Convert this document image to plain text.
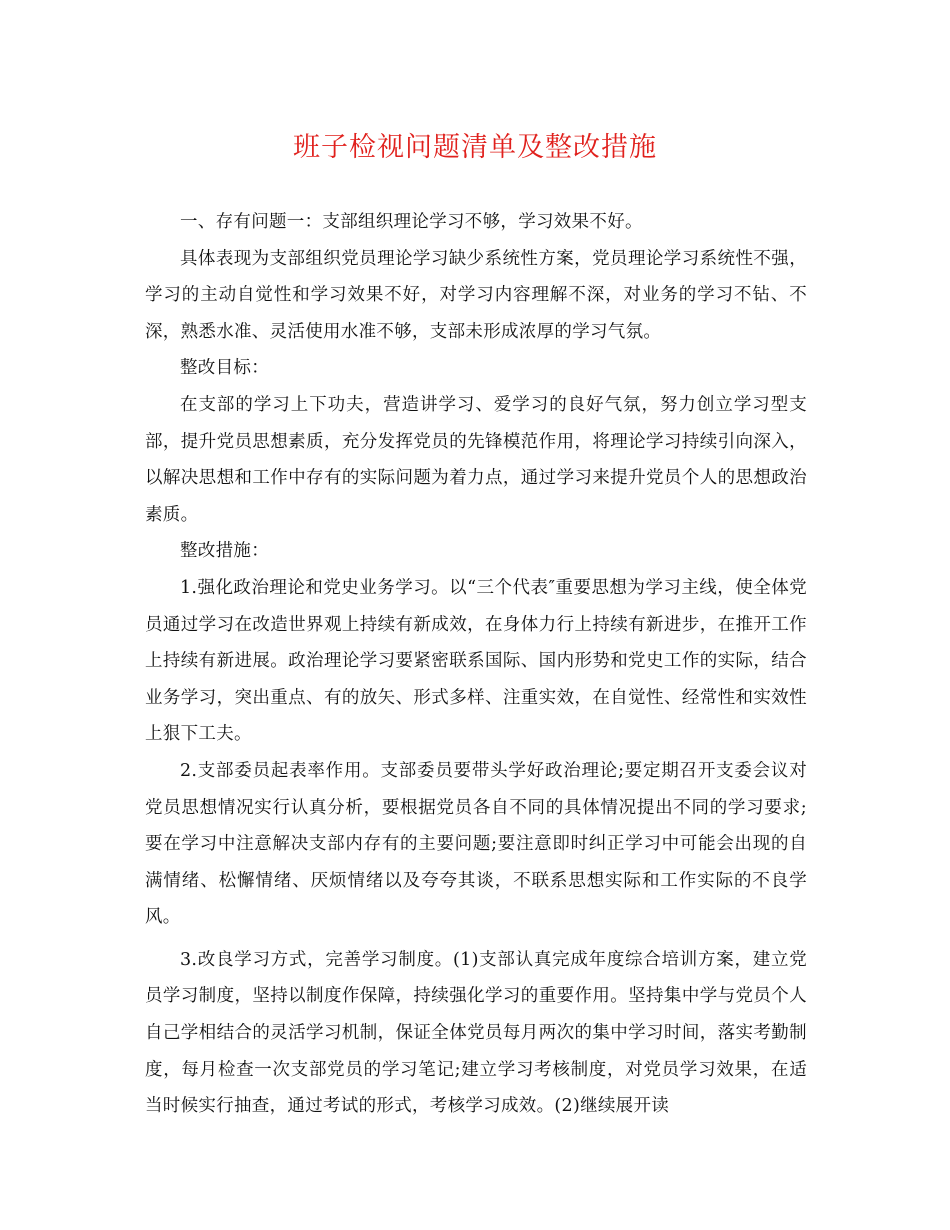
班子检视问题清单及整改措施

一、存有问题一：支部组织理论学习不够，学习效果不好。

具体表现为支部组织党员理论学习缺少系统性方案，党员理论学习系统性不强，学习的主动自觉性和学习效果不好，对学习内容理解不深，对业务的学习不钻、不深，熟悉水准、灵活使用水准不够，支部未形成浓厚的学习气氛。

整改目标：

在支部的学习上下功夫，营造讲学习、爱学习的良好气氛，努力创立学习型支部，提升党员思想素质，充分发挥党员的先锋模范作用，将理论学习持续引向深入，以解决思想和工作中存有的实际问题为着力点，通过学习来提升党员个人的思想政治素质。

整改措施：

1.强化政治理论和党史业务学习。以“三个代表″重要思想为学习主线，使全体党员通过学习在改造世界观上持续有新成效，在身体力行上持续有新进步，在推开工作上持续有新进展。政治理论学习要紧密联系国际、国内形势和党史工作的实际，结合业务学习，突出重点、有的放矢、形式多样、注重实效，在自觉性、经常性和实效性上狠下工夫。

2.支部委员起表率作用。支部委员要带头学好政治理论;要定期召开支委会议对党员思想情况实行认真分析，要根据党员各自不同的具体情况提出不同的学习要求;要在学习中注意解决支部内存有的主要问题;要注意即时纠正学习中可能会出现的自满情绪、松懈情绪、厌烦情绪以及夸夸其谈，不联系思想实际和工作实际的不良学风。

3.改良学习方式，完善学习制度。(1)支部认真完成年度综合培训方案，建立党员学习制度，坚持以制度作保障，持续强化学习的重要作用。坚持集中学与党员个人自己学相结合的灵活学习机制，保证全体党员每月两次的集中学习时间，落实考勤制度，每月检查一次支部党员的学习笔记;建立学习考核制度，对党员学习效果，在适当时候实行抽查，通过考试的形式，考核学习成效。(2)继续展开读
